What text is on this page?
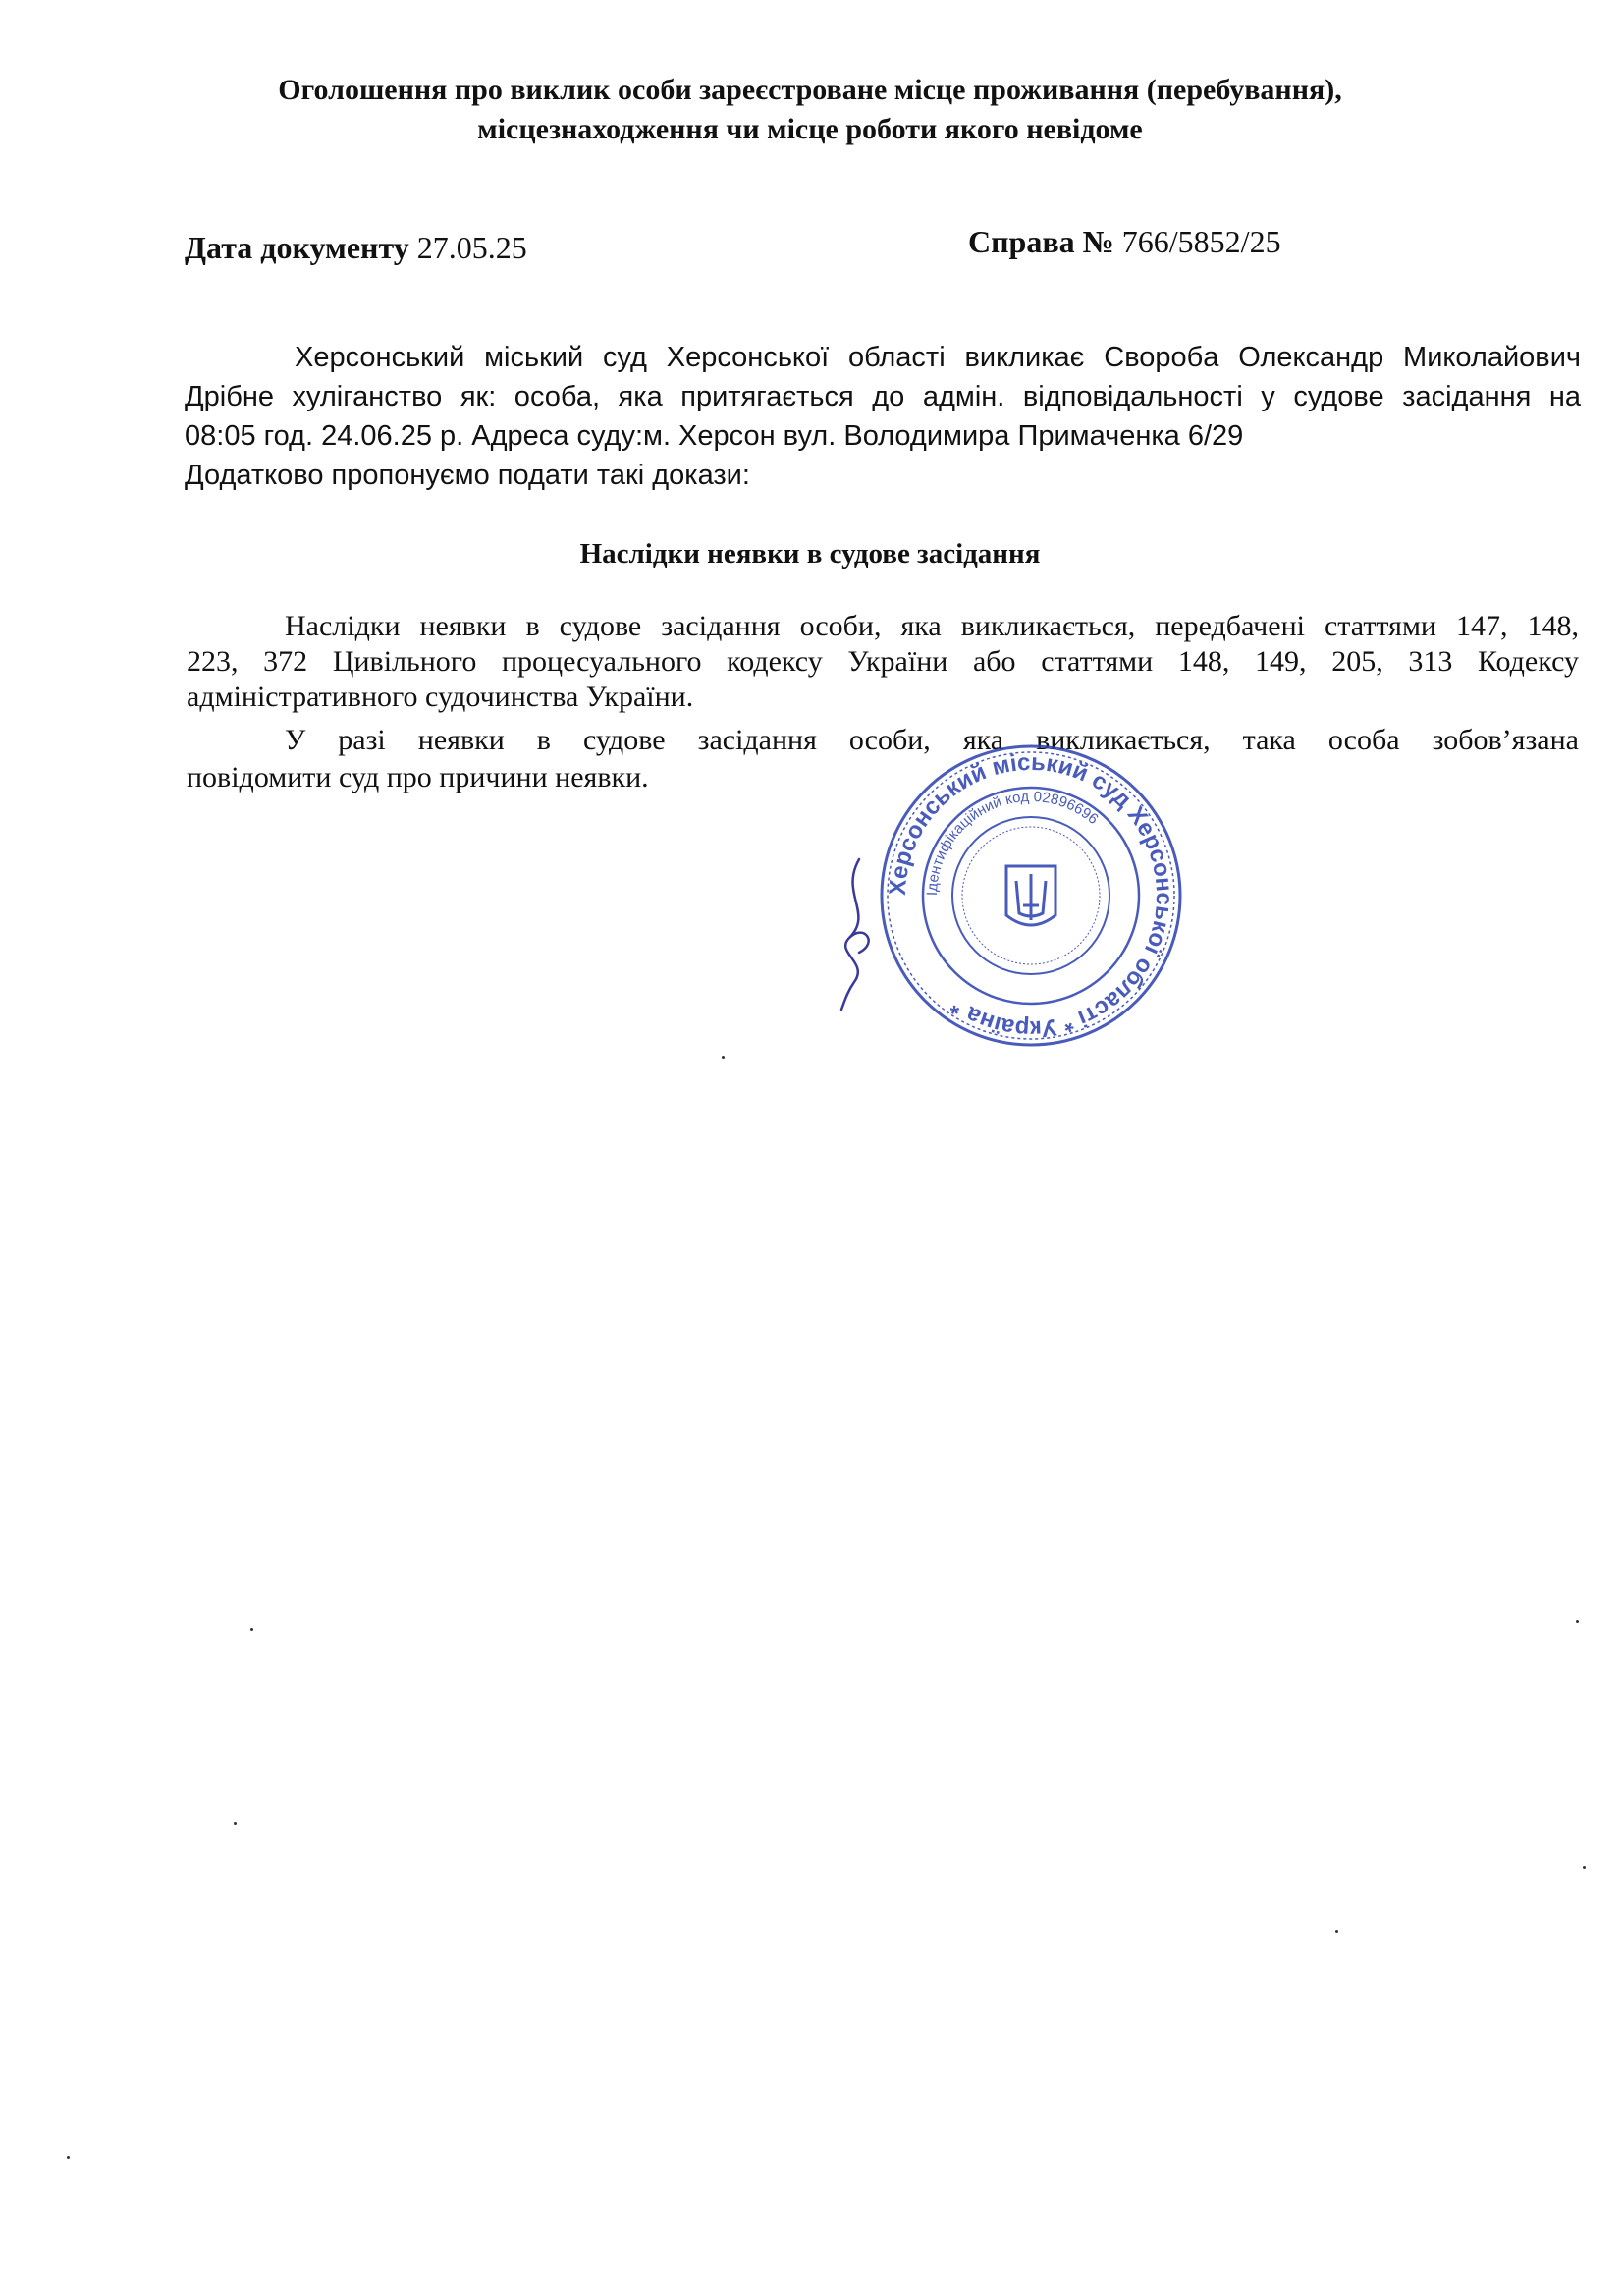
Оголошення про виклик особи зареєстроване місце проживання (перебування),
місцезнаходження чи місце роботи якого невідоме
Дата документу 27.05.25	Справа № 766/5852/25
Херсонський міський суд Херсонської області викликає Своробa Олександр Миколайович
Дрібне хуліганство як: особа, яка притягається до адмін. відповідальності у судове засідання на
08:05 год. 24.06.25 р. Адреса суду:м. Херсон вул. Володимира Примаченка 6/29
Додатково пропонуємо подати такі докази:
Наслідки неявки в судове засідання
Наслідки неявки в судове засідання особи, яка викликається, передбачені статтями 147, 148,
223, 372 Цивільного процесуального кодексу України або статтями 148, 149, 205, 313 Кодексу
адміністративного судочинства України.
У разі неявки в судове засідання особи, яка викликається, така особа зобов’язана
повідомити суд про причини неявки.
Херсонський міський суд Херсонської області * Україна *
Ідентифікаційний код 02896696
